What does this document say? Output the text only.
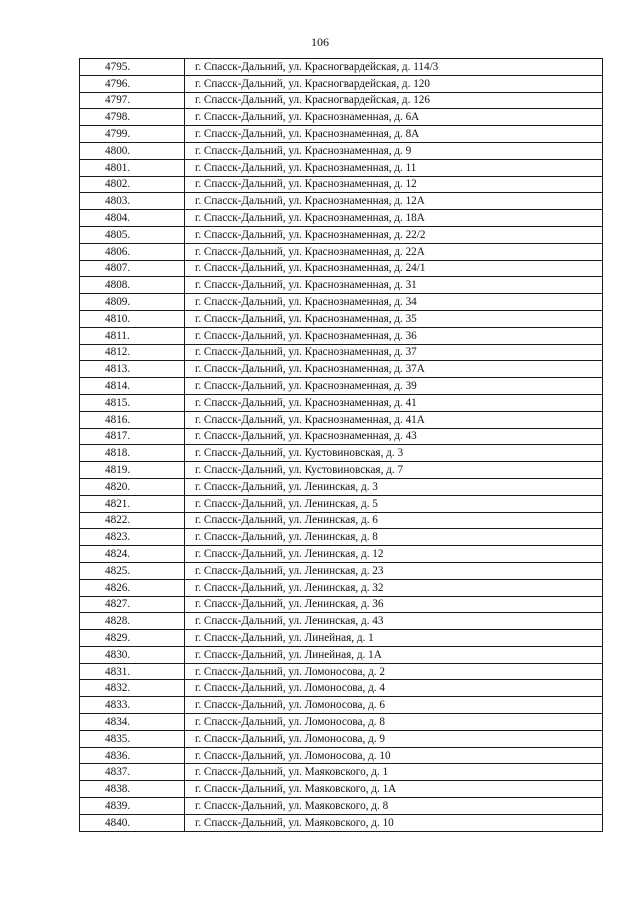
106
4795.	г. Спасск-Дальний, ул. Красногвардейская, д. 114/3
4796.	г. Спасск-Дальний, ул. Красногвардейская, д. 120
4797.	г. Спасск-Дальний, ул. Красногвардейская, д. 126
4798.	г. Спасск-Дальний, ул. Краснознаменная, д. 6А
4799.	г. Спасск-Дальний, ул. Краснознаменная, д. 8А
4800.	г. Спасск-Дальний, ул. Краснознаменная, д. 9
4801.	г. Спасск-Дальний, ул. Краснознаменная, д. 11
4802.	г. Спасск-Дальний, ул. Краснознаменная, д. 12
4803.	г. Спасск-Дальний, ул. Краснознаменная, д. 12А
4804.	г. Спасск-Дальний, ул. Краснознаменная, д. 18А
4805.	г. Спасск-Дальний, ул. Краснознаменная, д. 22/2
4806.	г. Спасск-Дальний, ул. Краснознаменная, д. 22А
4807.	г. Спасск-Дальний, ул. Краснознаменная, д. 24/1
4808.	г. Спасск-Дальний, ул. Краснознаменная, д. 31
4809.	г. Спасск-Дальний, ул. Краснознаменная, д. 34
4810.	г. Спасск-Дальний, ул. Краснознаменная, д. 35
4811.	г. Спасск-Дальний, ул. Краснознаменная, д. 36
4812.	г. Спасск-Дальний, ул. Краснознаменная, д. 37
4813.	г. Спасск-Дальний, ул. Краснознаменная, д. 37А
4814.	г. Спасск-Дальний, ул. Краснознаменная, д. 39
4815.	г. Спасск-Дальний, ул. Краснознаменная, д. 41
4816.	г. Спасск-Дальний, ул. Краснознаменная, д. 41А
4817.	г. Спасск-Дальний, ул. Краснознаменная, д. 43
4818.	г. Спасск-Дальний, ул. Кустовиновская, д. 3
4819.	г. Спасск-Дальний, ул. Кустовиновская, д. 7
4820.	г. Спасск-Дальний, ул. Ленинская, д. 3
4821.	г. Спасск-Дальний, ул. Ленинская, д. 5
4822.	г. Спасск-Дальний, ул. Ленинская, д. 6
4823.	г. Спасск-Дальний, ул. Ленинская, д. 8
4824.	г. Спасск-Дальний, ул. Ленинская, д. 12
4825.	г. Спасск-Дальний, ул. Ленинская, д. 23
4826.	г. Спасск-Дальний, ул. Ленинская, д. 32
4827.	г. Спасск-Дальний, ул. Ленинская, д. 36
4828.	г. Спасск-Дальний, ул. Ленинская, д. 43
4829.	г. Спасск-Дальний, ул. Линейная, д. 1
4830.	г. Спасск-Дальний, ул. Линейная, д. 1А
4831.	г. Спасск-Дальний, ул. Ломоносова, д. 2
4832.	г. Спасск-Дальний, ул. Ломоносова, д. 4
4833.	г. Спасск-Дальний, ул. Ломоносова, д. 6
4834.	г. Спасск-Дальний, ул. Ломоносова, д. 8
4835.	г. Спасск-Дальний, ул. Ломоносова, д. 9
4836.	г. Спасск-Дальний, ул. Ломоносова, д. 10
4837.	г. Спасск-Дальний, ул. Маяковского, д. 1
4838.	г. Спасск-Дальний, ул. Маяковского, д. 1А
4839.	г. Спасск-Дальний, ул. Маяковского, д. 8
4840.	г. Спасск-Дальний, ул. Маяковского, д. 10
